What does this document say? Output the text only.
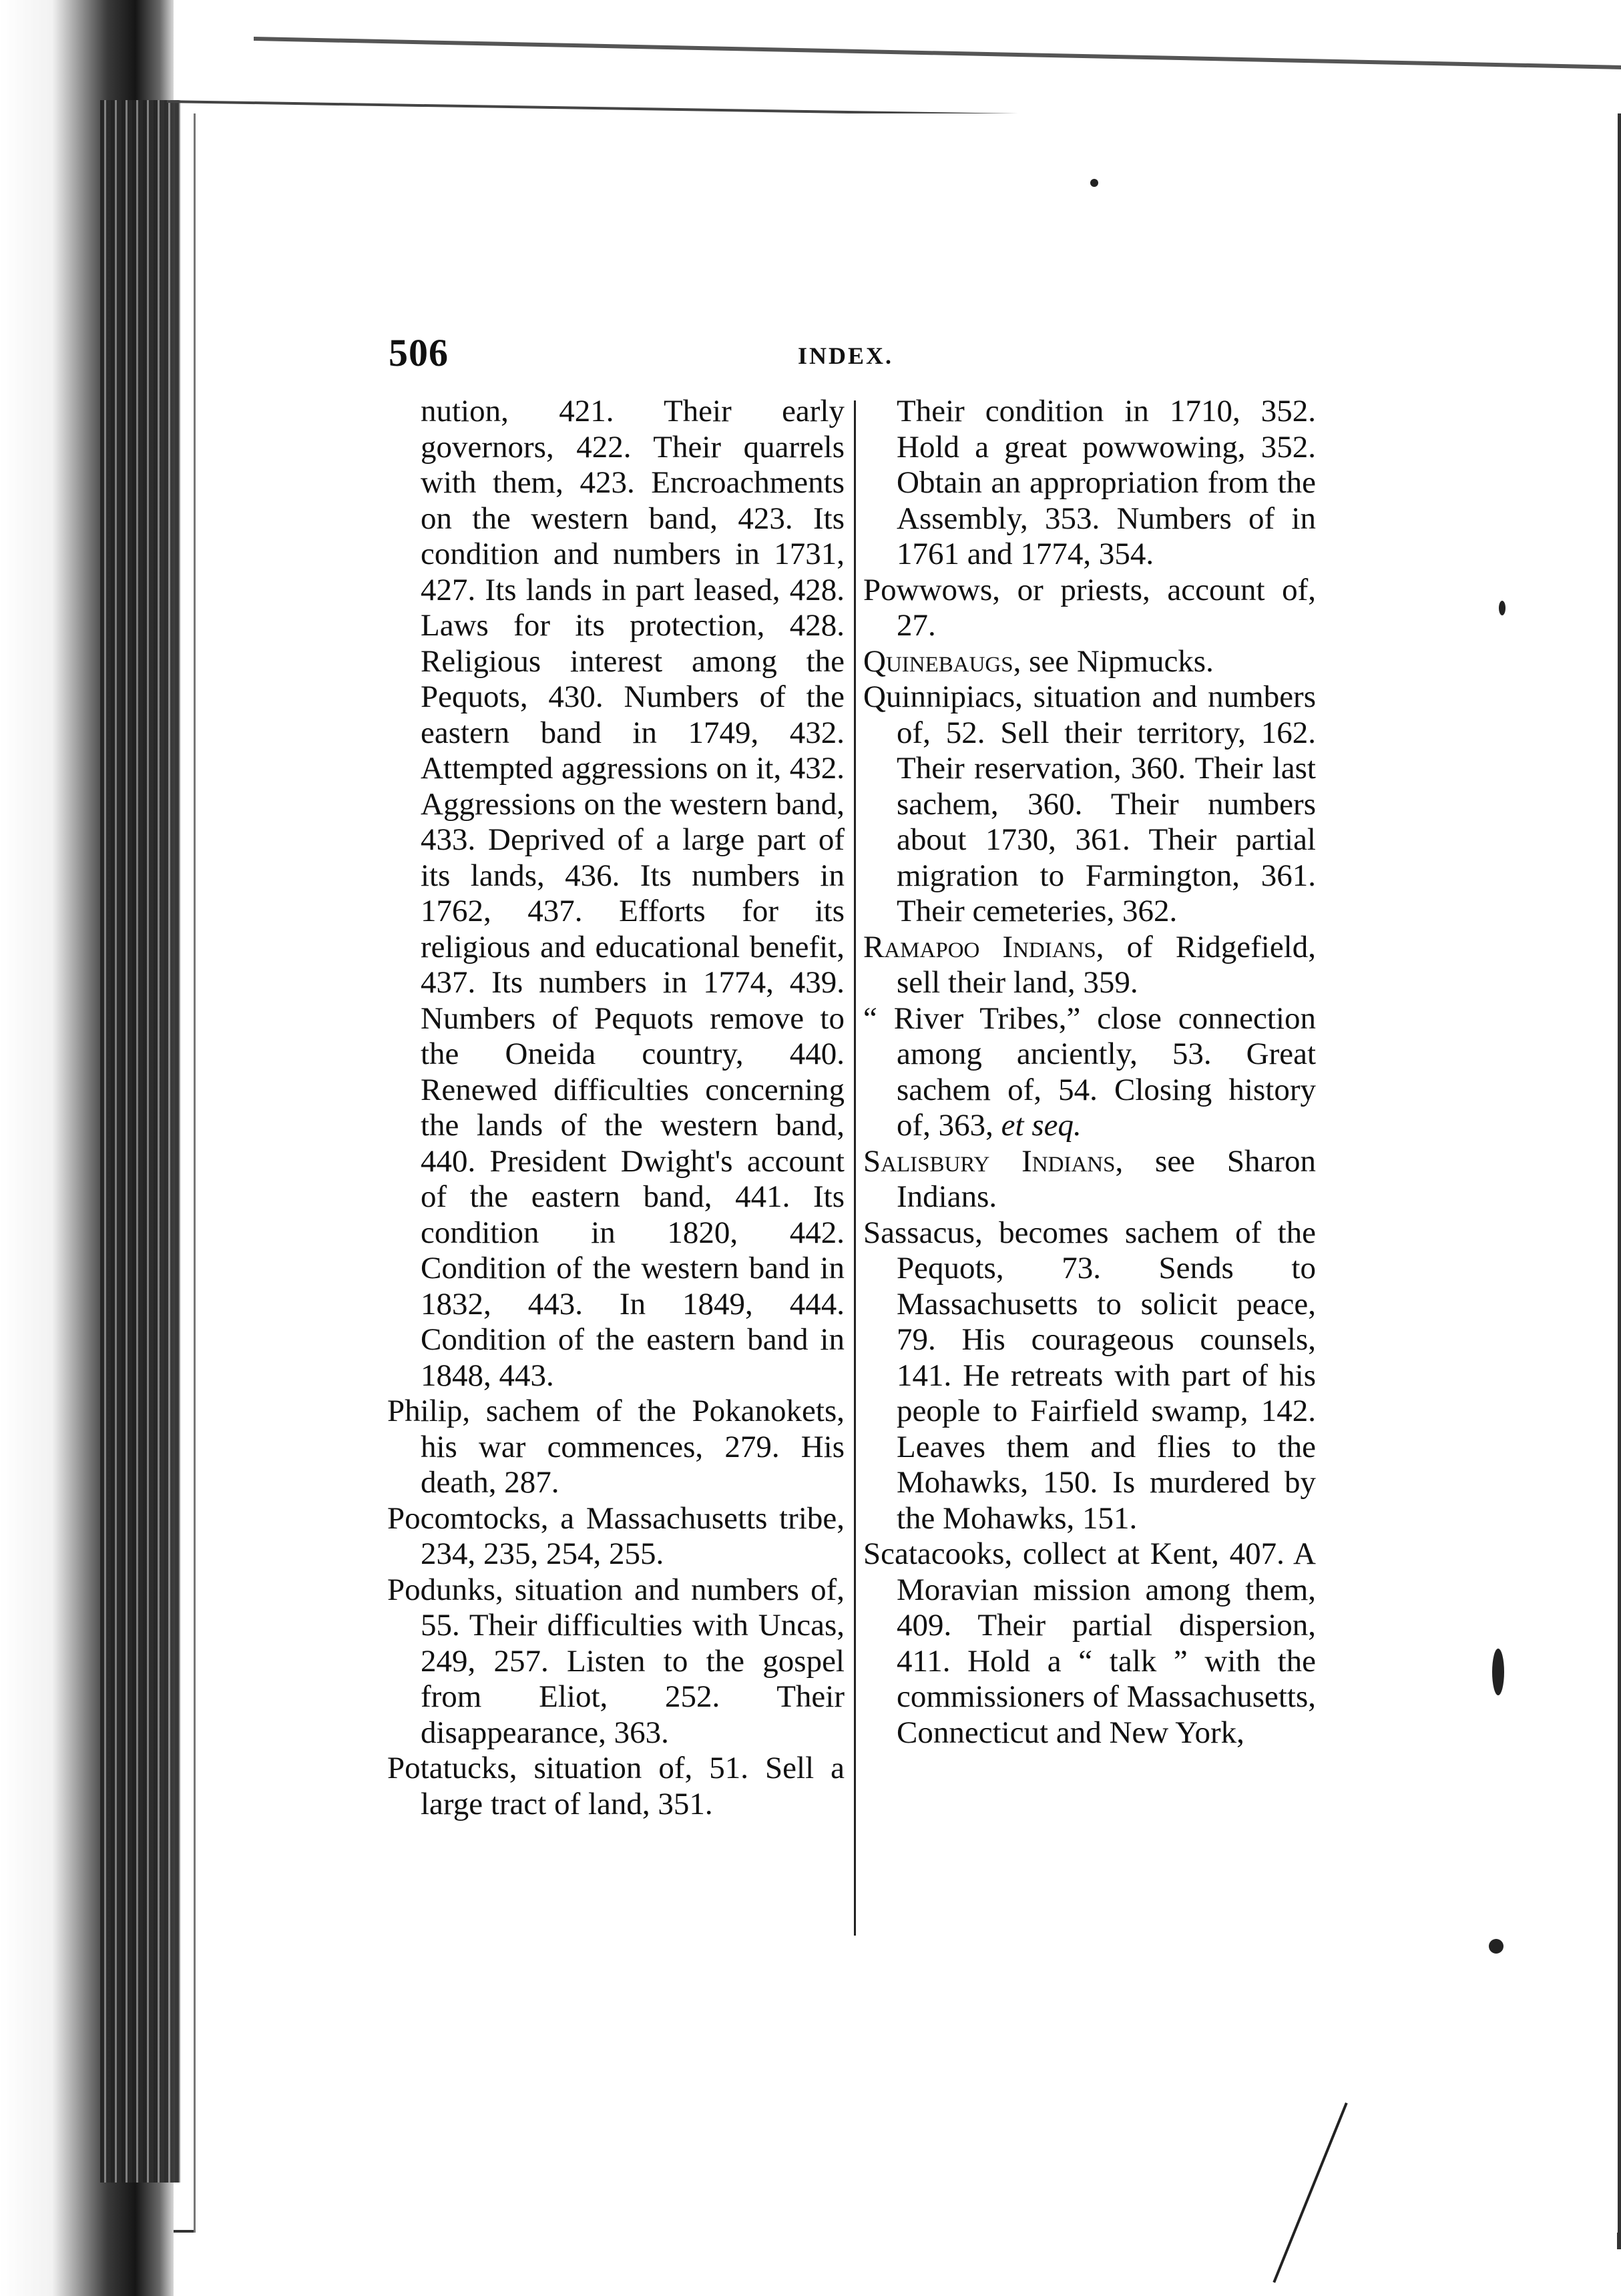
506	INDEX.

nution, 421. Their early governors, 422. Their quarrels with them, 423. Encroachments on the western band, 423. Its condition and numbers in 1731, 427. Its lands in part leased, 428. Laws for its protection, 428. Religious interest among the Pequots, 430. Numbers of the eastern band in 1749, 432. Attempted aggressions on it, 432. Aggressions on the western band, 433. Deprived of a large part of its lands, 436. Its numbers in 1762, 437. Efforts for its religious and educational benefit, 437. Its numbers in 1774, 439. Numbers of Pequots remove to the Oneida country, 440. Renewed difficulties concerning the lands of the western band, 440. President Dwight's account of the eastern band, 441. Its condition in 1820, 442. Condition of the western band in 1832, 443. In 1849, 444. Condition of the eastern band in 1848, 443.

Philip, sachem of the Pokanokets, his war commences, 279. His death, 287.

Pocomtocks, a Massachusetts tribe, 234, 235, 254, 255.

Podunks, situation and numbers of, 55. Their difficulties with Uncas, 249, 257. Listen to the gospel from Eliot, 252. Their disappearance, 363.

Potatucks, situation of, 51. Sell a large tract of land, 351.

Their condition in 1710, 352. Hold a great powwowing, 352. Obtain an appropriation from the Assembly, 353. Numbers of in 1761 and 1774, 354.

Powwows, or priests, account of, 27.

Quinebaugs, see Nipmucks.

Quinnipiacs, situation and numbers of, 52. Sell their territory, 162. Their reservation, 360. Their last sachem, 360. Their numbers about 1730, 361. Their partial migration to Farmington, 361. Their cemeteries, 362.

Ramapoo Indians, of Ridgefield, sell their land, 359.

“ River Tribes,” close connection among anciently, 53. Great sachem of, 54. Closing history of, 363, et seq.

Salisbury Indians, see Sharon Indians.

Sassacus, becomes sachem of the Pequots, 73. Sends to Massachusetts to solicit peace, 79. His courageous counsels, 141. He retreats with part of his people to Fairfield swamp, 142. Leaves them and flies to the Mohawks, 150. Is murdered by the Mohawks, 151.

Scatacooks, collect at Kent, 407. A Moravian mission among them, 409. Their partial dispersion, 411. Hold a “ talk ” with the commissioners of Massachusetts, Connecticut and New York,
